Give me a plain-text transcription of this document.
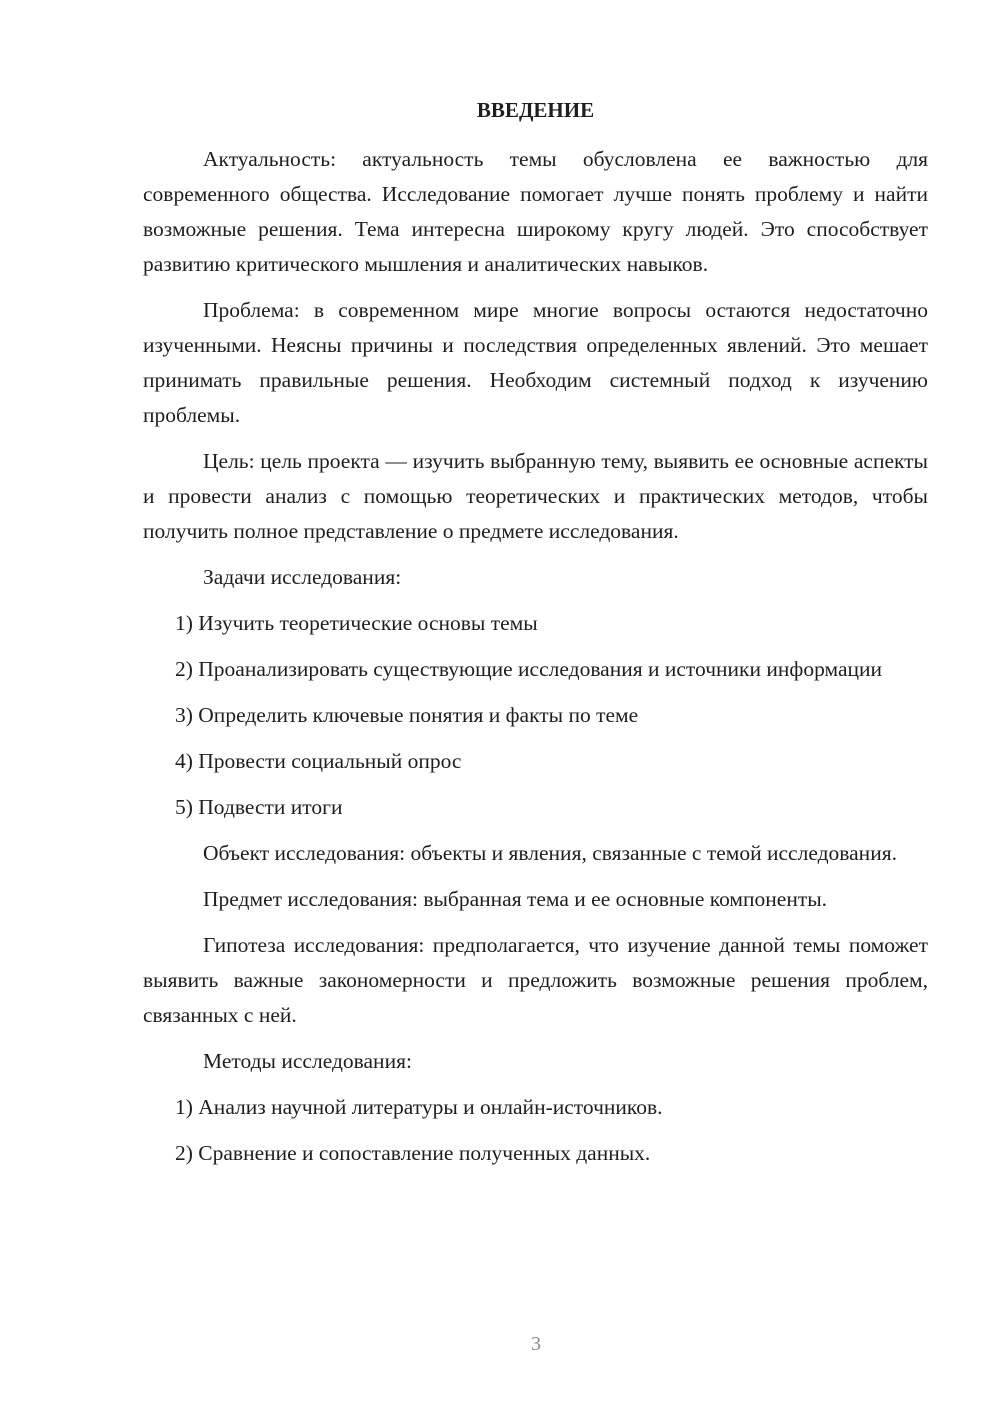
ВВЕДЕНИЕ

Актуальность: актуальность темы обусловлена ее важностью для современного общества. Исследование помогает лучше понять проблему и найти возможные решения. Тема интересна широкому кругу людей. Это способствует развитию критического мышления и аналитических навыков.

Проблема: в современном мире многие вопросы остаются недостаточно изученными. Неясны причины и последствия определенных явлений. Это мешает принимать правильные решения. Необходим системный подход к изучению проблемы.

Цель: цель проекта — изучить выбранную тему, выявить ее основные аспекты и провести анализ с помощью теоретических и практических методов, чтобы получить полное представление о предмете исследования.

Задачи исследования:

1) Изучить теоретические основы темы

2) Проанализировать существующие исследования и источники информации

3) Определить ключевые понятия и факты по теме

4) Провести социальный опрос

5) Подвести итоги

Объект исследования: объекты и явления, связанные с темой исследования.

Предмет исследования: выбранная тема и ее основные компоненты.

Гипотеза исследования: предполагается, что изучение данной темы поможет выявить важные закономерности и предложить возможные решения проблем, связанных с ней.

Методы исследования:

1) Анализ научной литературы и онлайн-источников.

2) Сравнение и сопоставление полученных данных.

3
